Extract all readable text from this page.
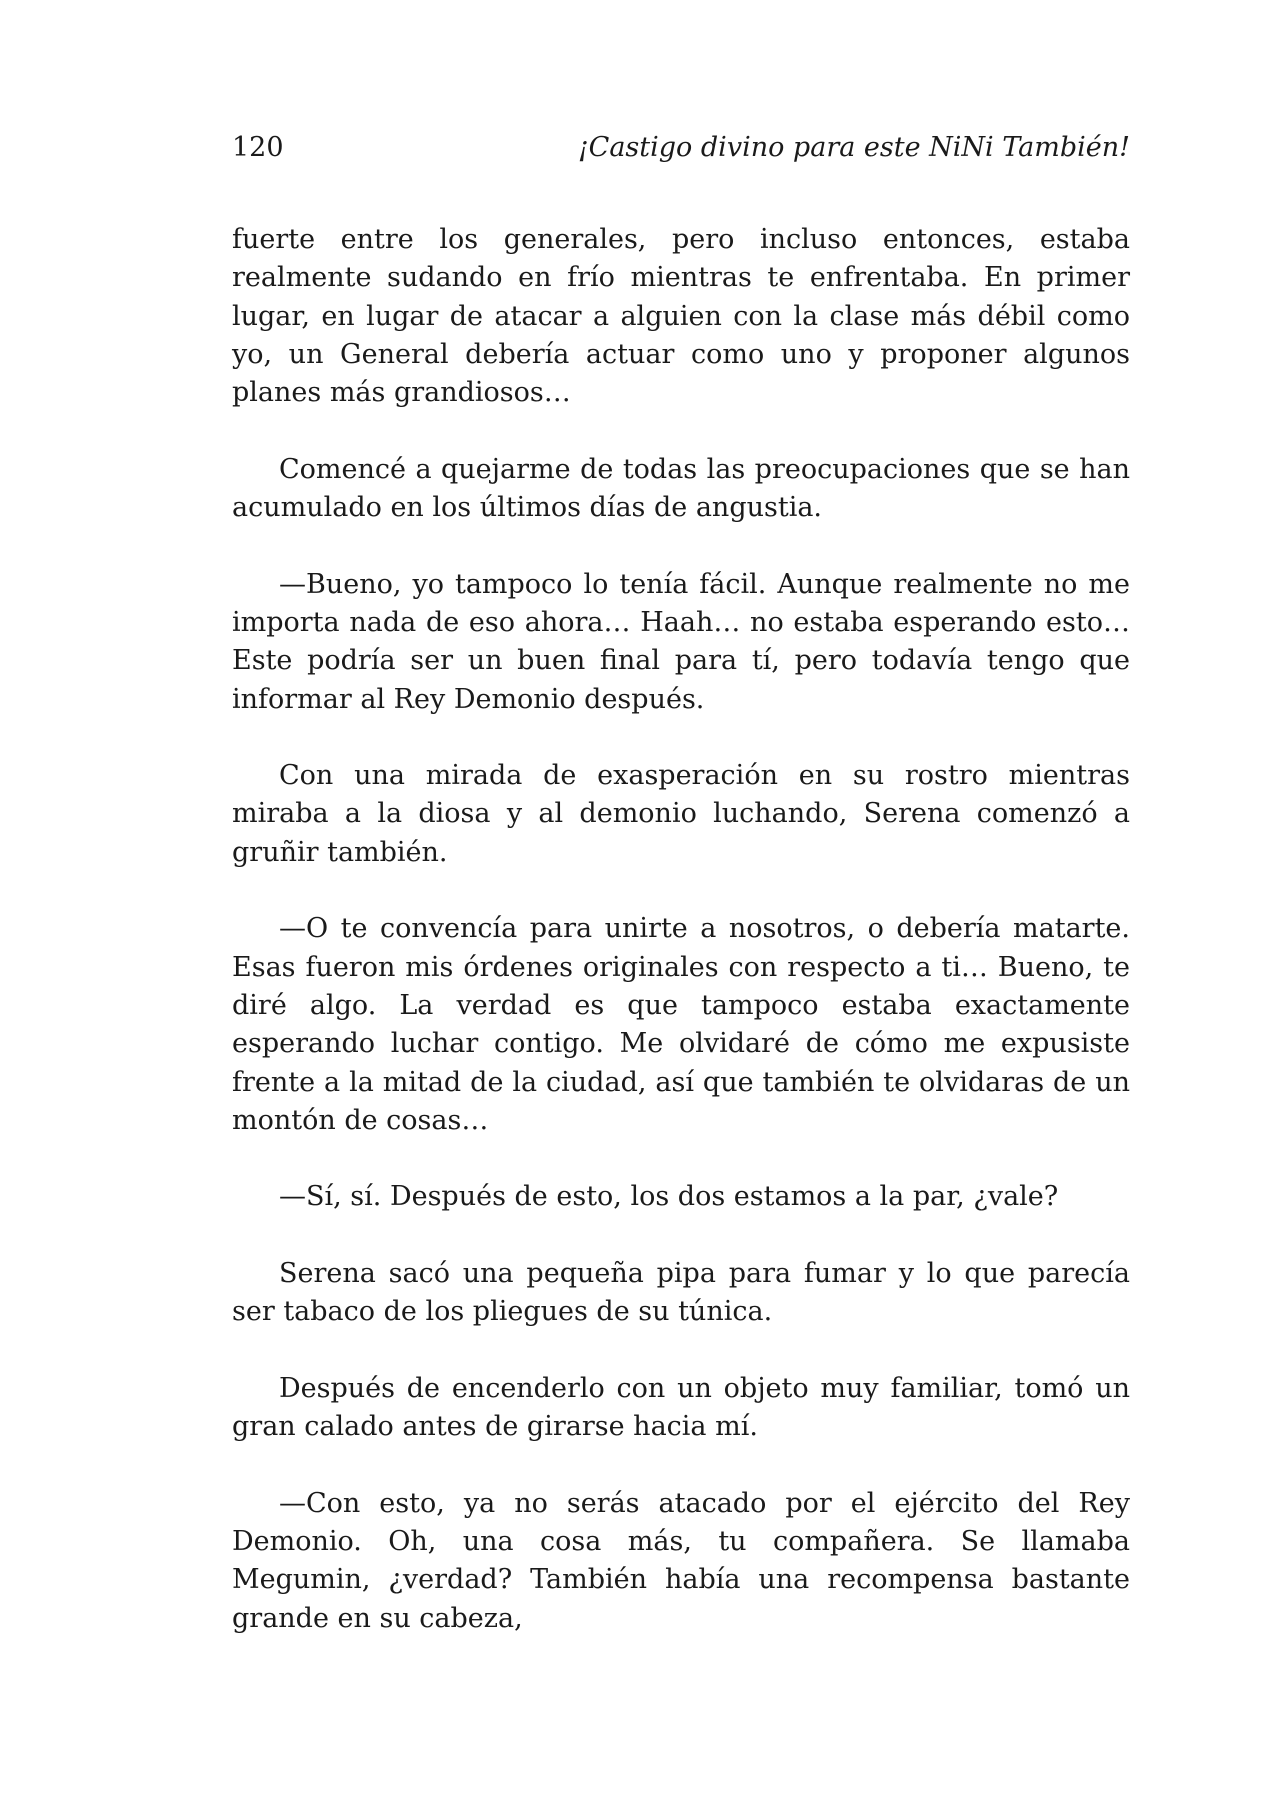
120	¡Castigo divino para este NiNi También!

fuerte entre los generales, pero incluso entonces, estaba realmente sudando en frío mientras te enfrentaba. En primer lugar, en lugar de atacar a alguien con la clase más débil como yo, un General debería actuar como uno y proponer algunos planes más grandiosos…

Comencé a quejarme de todas las preocupaciones que se han acumulado en los últimos días de angustia.

—Bueno, yo tampoco lo tenía fácil. Aunque realmente no me importa nada de eso ahora… Haah… no estaba esperando esto… Este podría ser un buen final para tí, pero todavía tengo que informar al Rey Demonio después.

Con una mirada de exasperación en su rostro mientras miraba a la diosa y al demonio luchando, Serena comenzó a gruñir también.

—O te convencía para unirte a nosotros, o debería matarte. Esas fueron mis órdenes originales con respecto a ti… Bueno, te diré algo. La verdad es que tampoco estaba exactamente esperando luchar contigo. Me olvidaré de cómo me expusiste frente a la mitad de la ciudad, así que también te olvidaras de un montón de cosas…

—Sí, sí. Después de esto, los dos estamos a la par, ¿vale?

Serena sacó una pequeña pipa para fumar y lo que parecía ser tabaco de los pliegues de su túnica.

Después de encenderlo con un objeto muy familiar, tomó un gran calado antes de girarse hacia mí.

—Con esto, ya no serás atacado por el ejército del Rey Demonio. Oh, una cosa más, tu compañera. Se llamaba Megumin, ¿verdad? También había una recompensa bastante grande en su cabeza,
